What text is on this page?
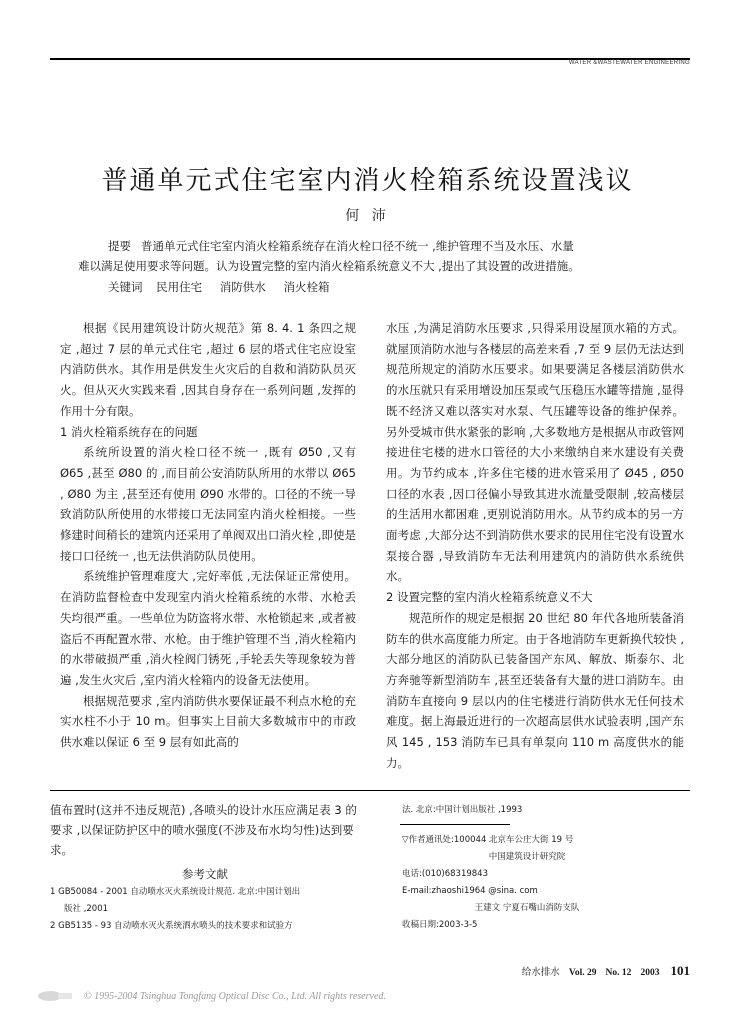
WATER &WASTEWATER ENGINEERING
普通单元式住宅室内消火栓箱系统设置浅议
何 沛
提要 普通单元式住宅室内消火栓箱系统存在消火栓口径不统一 ,维护管理不当及水压、水量
难以满足使用要求等问题。认为设置完整的室内消火栓箱系统意义不大 ,提出了其设置的改进措施。
关键词 民用住宅 消防供水 消火栓箱

根据《民用建筑设计防火规范》第 8. 4. 1 条四之规定 ,超过 7 层的单元式住宅 ,超过 6 层的塔式住宅应设室内消防供水。其作用是供发生火灾后的自救和消防队员灭火。但从灭火实践来看 ,因其自身存在一系列问题 ,发挥的作用十分有限。

1 消火栓箱系统存在的问题

系统所设置的消火栓口径不统一 ,既有 Ø50 ,又有 Ø65 ,甚至 Ø80 的 ,而目前公安消防队所用的水带以 Ø65 , Ø80 为主 ,甚至还有使用 Ø90 水带的。口径的不统一导致消防队所使用的水带接口无法同室内消火栓相接。一些修建时间稍长的建筑内还采用了单阀双出口消火栓 ,即使是接口口径统一 ,也无法供消防队员使用。

系统维护管理难度大 ,完好率低 ,无法保证正常使用。在消防监督检查中发现室内消火栓箱系统的水带、水枪丢失均很严重。一些单位为防盗将水带、水枪锁起来 ,或者被盗后不再配置水带、水枪。由于维护管理不当 ,消火栓箱内的水带破损严重 ,消火栓阀门锈死 ,手轮丢失等现象较为普遍 ,发生火灾后 ,室内消火栓箱内的设备无法使用。

根据规范要求 ,室内消防供水要保证最不利点水枪的充实水柱不小于 10 m。但事实上目前大多数城市中的市政供水难以保证 6 至 9 层有如此高的

水压 ,为满足消防水压要求 ,只得采用设屋顶水箱的方式。就屋顶消防水池与各楼层的高差来看 ,7 至 9 层仍无法达到规范所规定的消防水压要求。如果要满足各楼层消防供水的水压就只有采用增设加压泵或气压稳压水罐等措施 ,显得既不经济又难以落实对水泵、气压罐等设备的维护保养。另外受城市供水紧张的影响 ,大多数地方是根据从市政管网接进住宅楼的进水口管径的大小来缴纳自来水建设有关费用。为节约成本 ,许多住宅楼的进水管采用了 Ø45 , Ø50 口径的水表 ,因口径偏小导致其进水流量受限制 ,较高楼层的生活用水都困难 ,更别说消防用水。从节约成本的另一方面考虑 ,大部分达不到消防供水要求的民用住宅没有设置水泵接合器 ,导致消防车无法利用建筑内的消防供水系统供水。

2 设置完整的室内消火栓箱系统意义不大

规范所作的规定是根据 20 世纪 80 年代各地所装备消防车的供水高度能力所定。由于各地消防车更新换代较快 ,大部分地区的消防队已装备国产东风、解放、斯泰尔、北方奔驰等新型消防车 ,甚至还装备有大量的进口消防车。由消防车直接向 9 层以内的住宅楼进行消防供水无任何技术难度。据上海最近进行的一次超高层供水试验表明 ,国产东风 145 , 153 消防车已具有单泵向 110 m 高度供水的能力。

值布置时(这并不违反规范) ,各喷头的设计水压应满足表 3 的要求 ,以保证防护区中的喷水强度(不涉及布水均匀性)达到要求。

参考文献

1 GB50084 - 2001 自动喷水灭火系统设计规范. 北京:中国计划出
版社 ,2001
2 GB5135 - 93 自动喷水灭火系统洒水喷头的技术要求和试验方
法. 北京:中国计划出版社 ,1993
▽作者通讯处:100044 北京车公庄大街 19 号
中国建筑设计研究院
电话:(010)68319843
E-mail:zhaoshi1964 @sina. com
王建文 宁夏石嘴山消防支队
收稿日期:2003-3-5
给水排水 Vol. 29 No. 12 2003 101
© 1995-2004 Tsinghua Tongfang Optical Disc Co., Ltd. All rights reserved.
